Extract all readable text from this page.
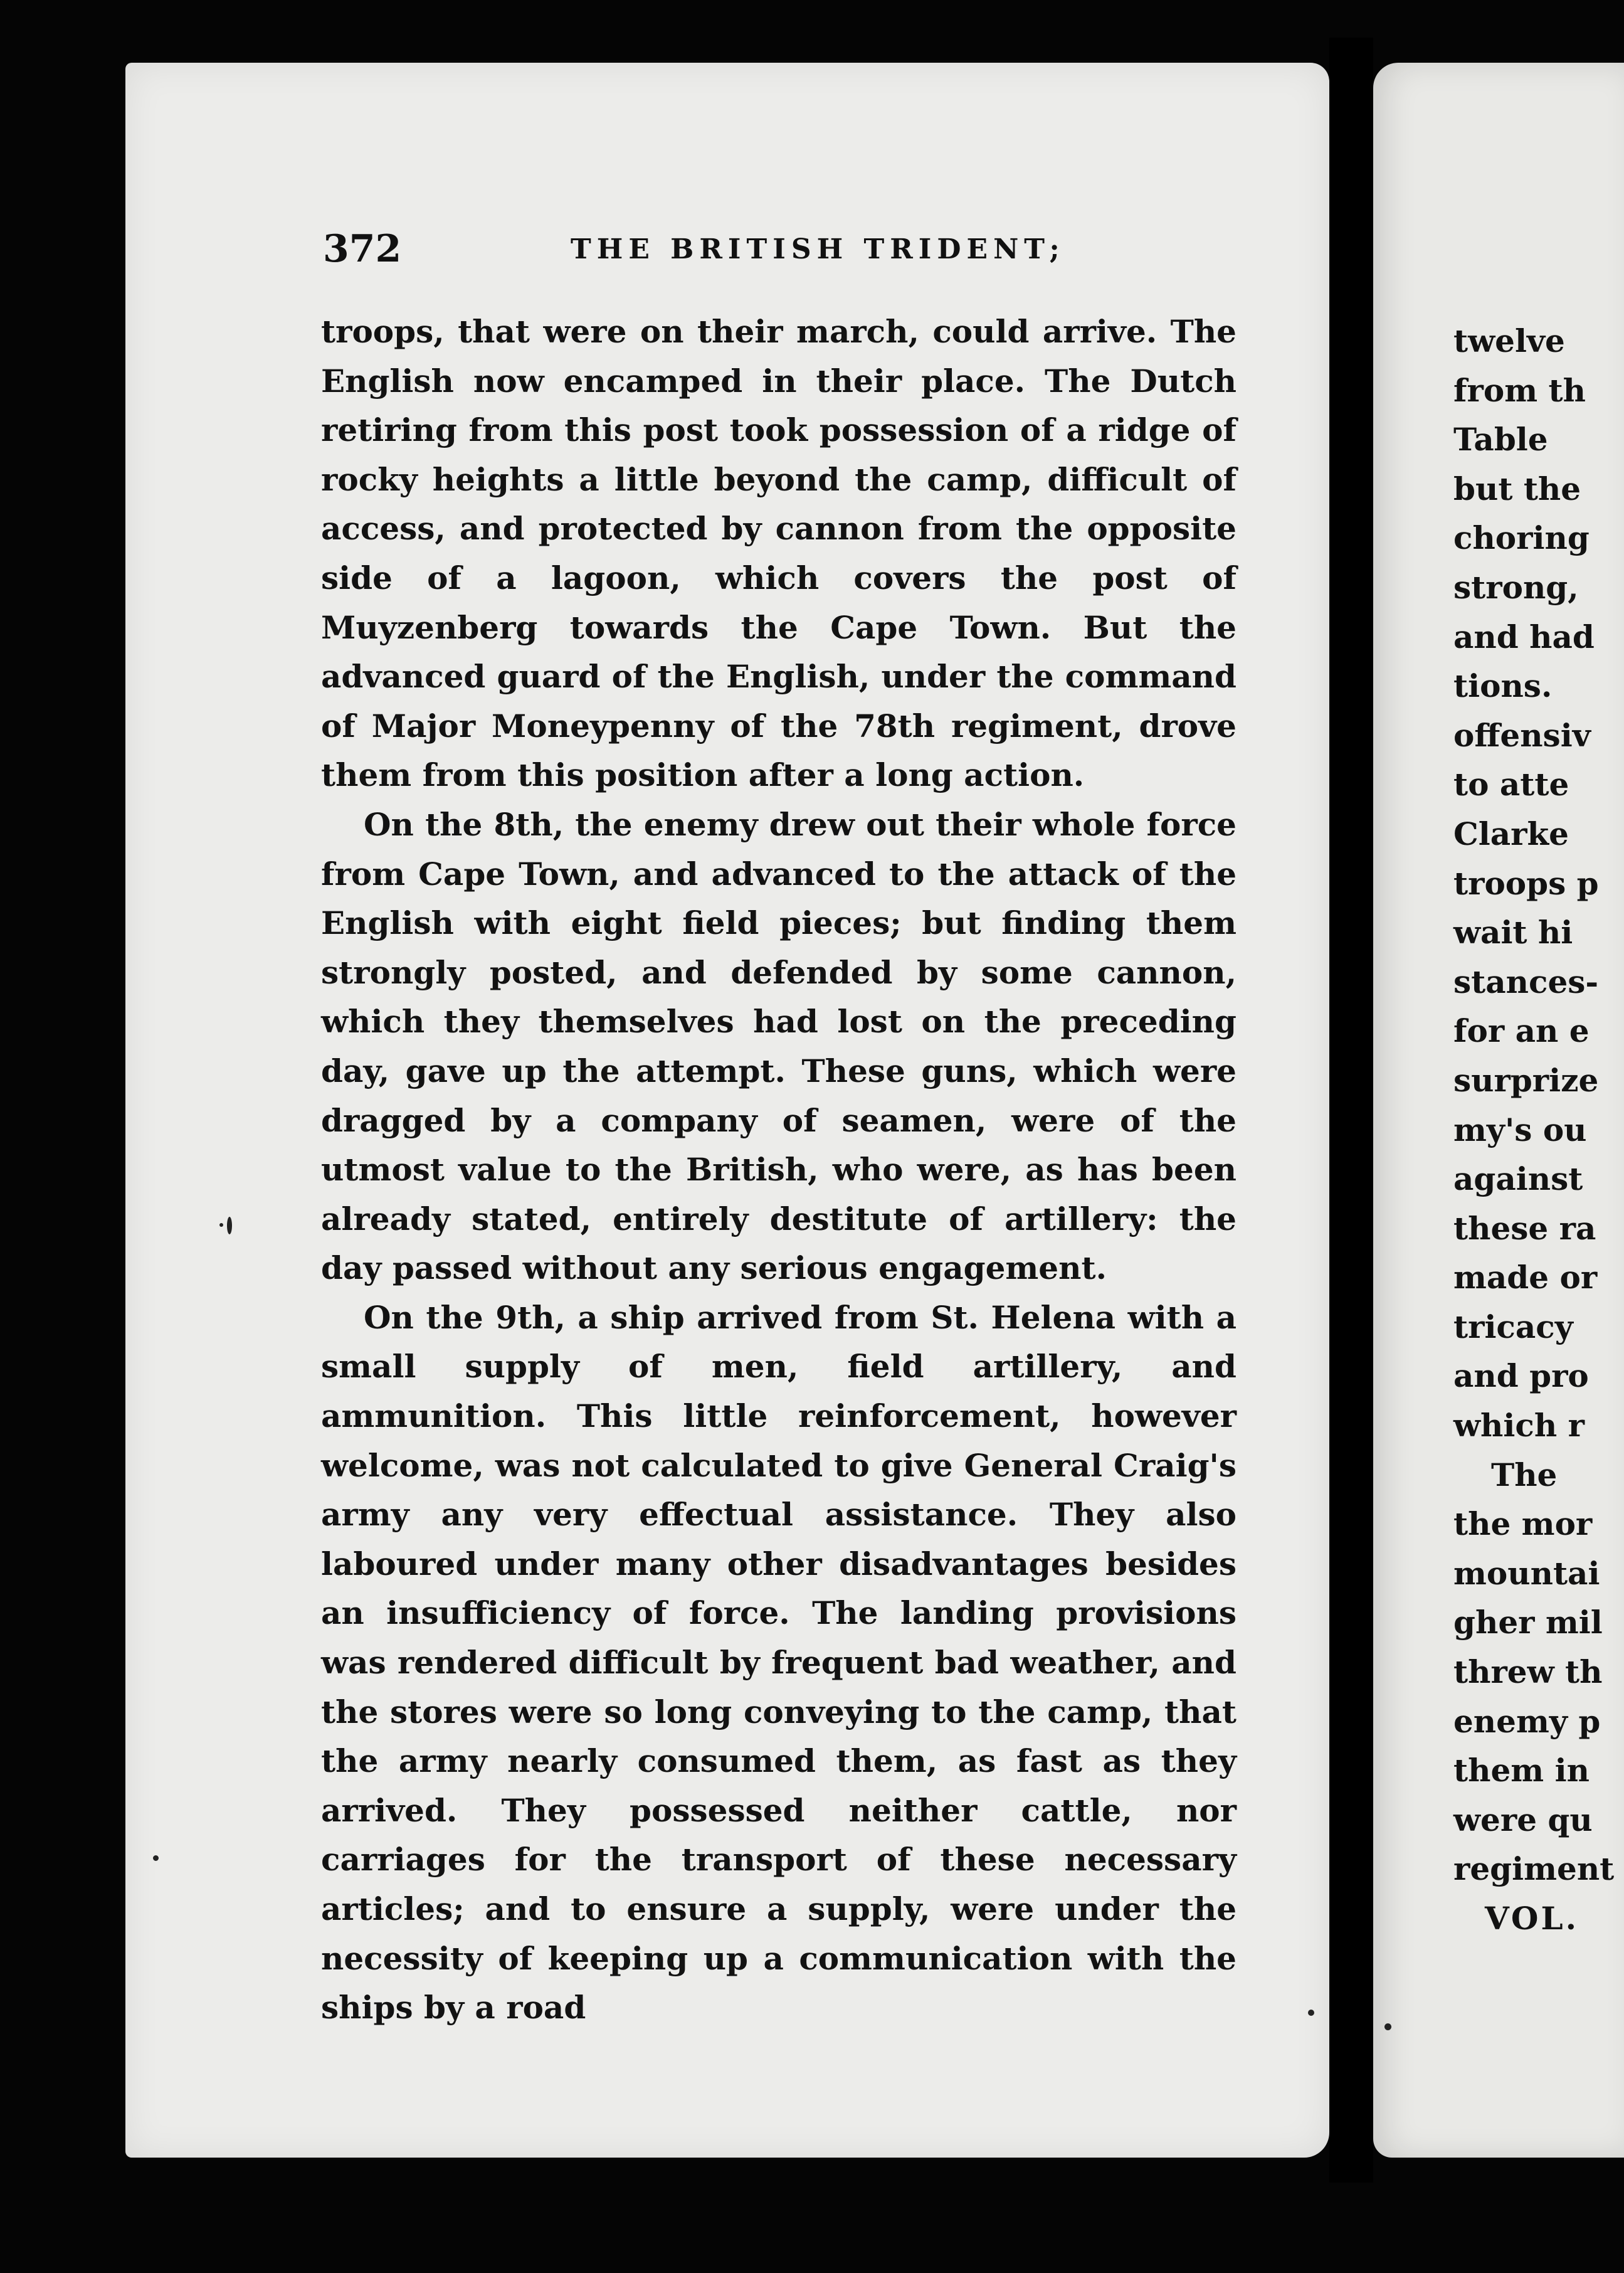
372	THE BRITISH TRIDENT;

troops, that were on their march, could arrive. The English now encamped in their place. The Dutch retiring from this post took possession of a ridge of rocky heights a little beyond the camp, difficult of access, and protected by cannon from the opposite side of a lagoon, which covers the post of Muyzenberg towards the Cape Town. But the advanced guard of the English, under the command of Major Moneypenny of the 78th regiment, drove them from this position after a long action.

On the 8th, the enemy drew out their whole force from Cape Town, and advanced to the attack of the English with eight field pieces; but finding them strongly posted, and defended by some cannon, which they themselves had lost on the preceding day, gave up the attempt. These guns, which were dragged by a company of seamen, were of the utmost value to the British, who were, as has been already stated, entirely destitute of artillery: the day passed without any serious engagement.

On the 9th, a ship arrived from St. Helena with a small supply of men, field artillery, and ammunition. This little reinforcement, however welcome, was not calculated to give General Craig's army any very effectual assistance. They also laboured under many other disadvantages besides an insufficiency of force. The landing provisions was rendered difficult by frequent bad weather, and the stores were so long conveying to the camp, that the army nearly consumed them, as fast as they arrived. They possessed neither cattle, nor carriages for the transport of these necessary articles; and to ensure a supply, were under the necessity of keeping up a communication with the ships by a road

twelve
from th
Table
but the
choring
strong,
and had
tions.
offensiv
to atte
Clarke
troops p
wait hi
stances-
for an e
surprize
my's ou
against
these ra
made or
tricacy
and pro
which r
The
the mor
mountai
gher mil
threw th
enemy p
them in
were qu
regiment
VOL.
